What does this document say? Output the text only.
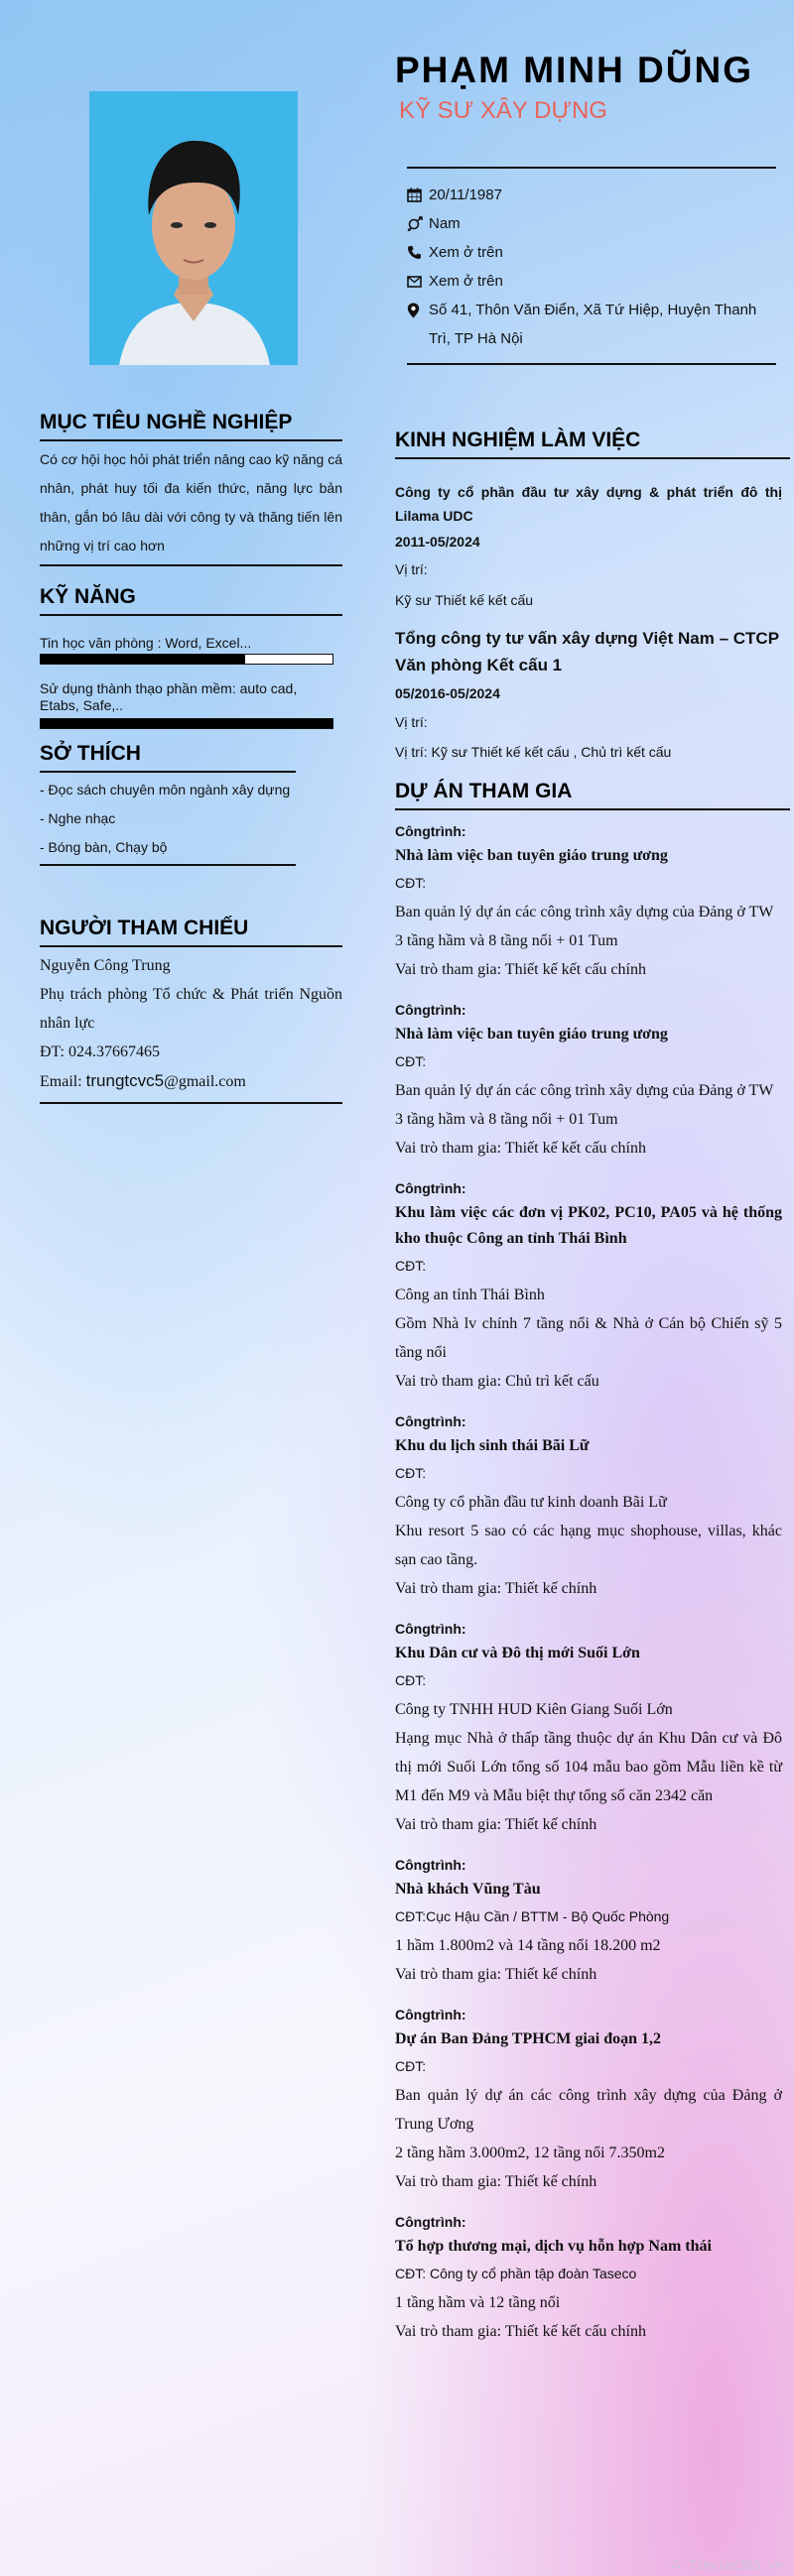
PHẠM MINH DŨNG
KỸ SƯ XÂY DỰNG
20/11/1987
Nam
Xem ở trên
Xem ở trên
Số 41, Thôn Văn Điển, Xã Tứ Hiệp, Huyện Thanh Trì, TP Hà Nội
MỤC TIÊU NGHỀ NGHIỆP
Có cơ hội học hỏi phát triển nâng cao kỹ năng cá nhân, phát huy tối đa kiến thức, năng lực bản thân, gắn bó lâu dài với công ty và thăng tiến lên những vị trí cao hơn
KỸ NĂNG
Tin học văn phòng : Word, Excel...
Sử dụng thành thạo phần mềm: auto cad, Etabs, Safe,..
SỞ THÍCH
- Đọc sách chuyên môn ngành xây dựng
- Nghe nhạc
- Bóng bàn, Chạy bộ
NGƯỜI THAM CHIẾU
Nguyễn Công Trung
Phụ trách phòng Tổ chức & Phát triển Nguồn nhân lực
ĐT: 024.37667465
Email: trungtcvc5@gmail.com
KINH NGHIỆM LÀM VIỆC
Công ty cổ phần đầu tư xây dựng & phát triển đô thị Lilama UDC
2011-05/2024
Vị trí:
Kỹ sư Thiết kế kết cấu
Tổng công ty tư vấn xây dựng Việt Nam – CTCP Văn phòng Kết cấu 1
05/2016-05/2024
Vị trí:
Vị trí: Kỹ sư Thiết kế kết cấu , Chủ trì kết cấu
DỰ ÁN THAM GIA
Côngtrình:
Nhà làm việc ban tuyên giáo trung ương
CĐT:
Ban quản lý dự án các công trình xây dựng của Đảng ở TW
3 tầng hầm và 8 tầng nổi + 01 Tum
Vai trò tham gia: Thiết kế kết cấu chính
Côngtrình:
Nhà làm việc ban tuyên giáo trung ương
CĐT:
Ban quản lý dự án các công trình xây dựng của Đảng ở TW
3 tầng hầm và 8 tầng nổi + 01 Tum
Vai trò tham gia: Thiết kế kết cấu chính
Côngtrình:
Khu làm việc các đơn vị PK02, PC10, PA05 và hệ thống kho thuộc Công an tỉnh Thái Bình
CĐT:
Công an tỉnh Thái Bình
Gồm Nhà lv chính 7 tầng nổi & Nhà ở Cán bộ Chiến sỹ 5 tầng nổi
Vai trò tham gia: Chủ trì kết cấu
Côngtrình:
Khu du lịch sinh thái Bãi Lữ
CĐT:
Công ty cổ phần đầu tư kinh doanh Bãi Lữ
Khu resort 5 sao có các hạng mục shophouse, villas, khác sạn cao tầng.
Vai trò tham gia: Thiết kế chính
Côngtrình:
Khu Dân cư và Đô thị mới Suối Lớn
CĐT:
Công ty TNHH HUD Kiên Giang Suối Lớn
Hạng mục Nhà ở thấp tầng thuộc dự án Khu Dân cư và Đô thị mới Suối Lớn tổng số 104 mẫu bao gồm Mẫu liền kề từ M1 đến M9 và Mẫu biệt thự tổng số căn 2342 căn
Vai trò tham gia: Thiết kế chính
Côngtrình:
Nhà khách Vũng Tàu
CĐT:Cục Hậu Cần / BTTM - Bộ Quốc Phòng
1 hầm 1.800m2 và 14 tầng nổi 18.200 m2
Vai trò tham gia: Thiết kế chính
Côngtrình:
Dự án Ban Đảng TPHCM giai đoạn 1,2
CĐT:
Ban quản lý dự án các công trình xây dựng của Đảng ở Trung Ương
2 tầng hầm 3.000m2, 12 tầng nổi 7.350m2
Vai trò tham gia: Thiết kế chính
Côngtrình:
Tổ hợp thương mại, dịch vụ hỗn hợp Nam thái
CĐT: Công ty cổ phần tập đoàn Taseco
1 tầng hầm và 12 tầng nổi
Vai trò tham gia: Thiết kế kết cấu chính
⁂ Timviec365.vn
